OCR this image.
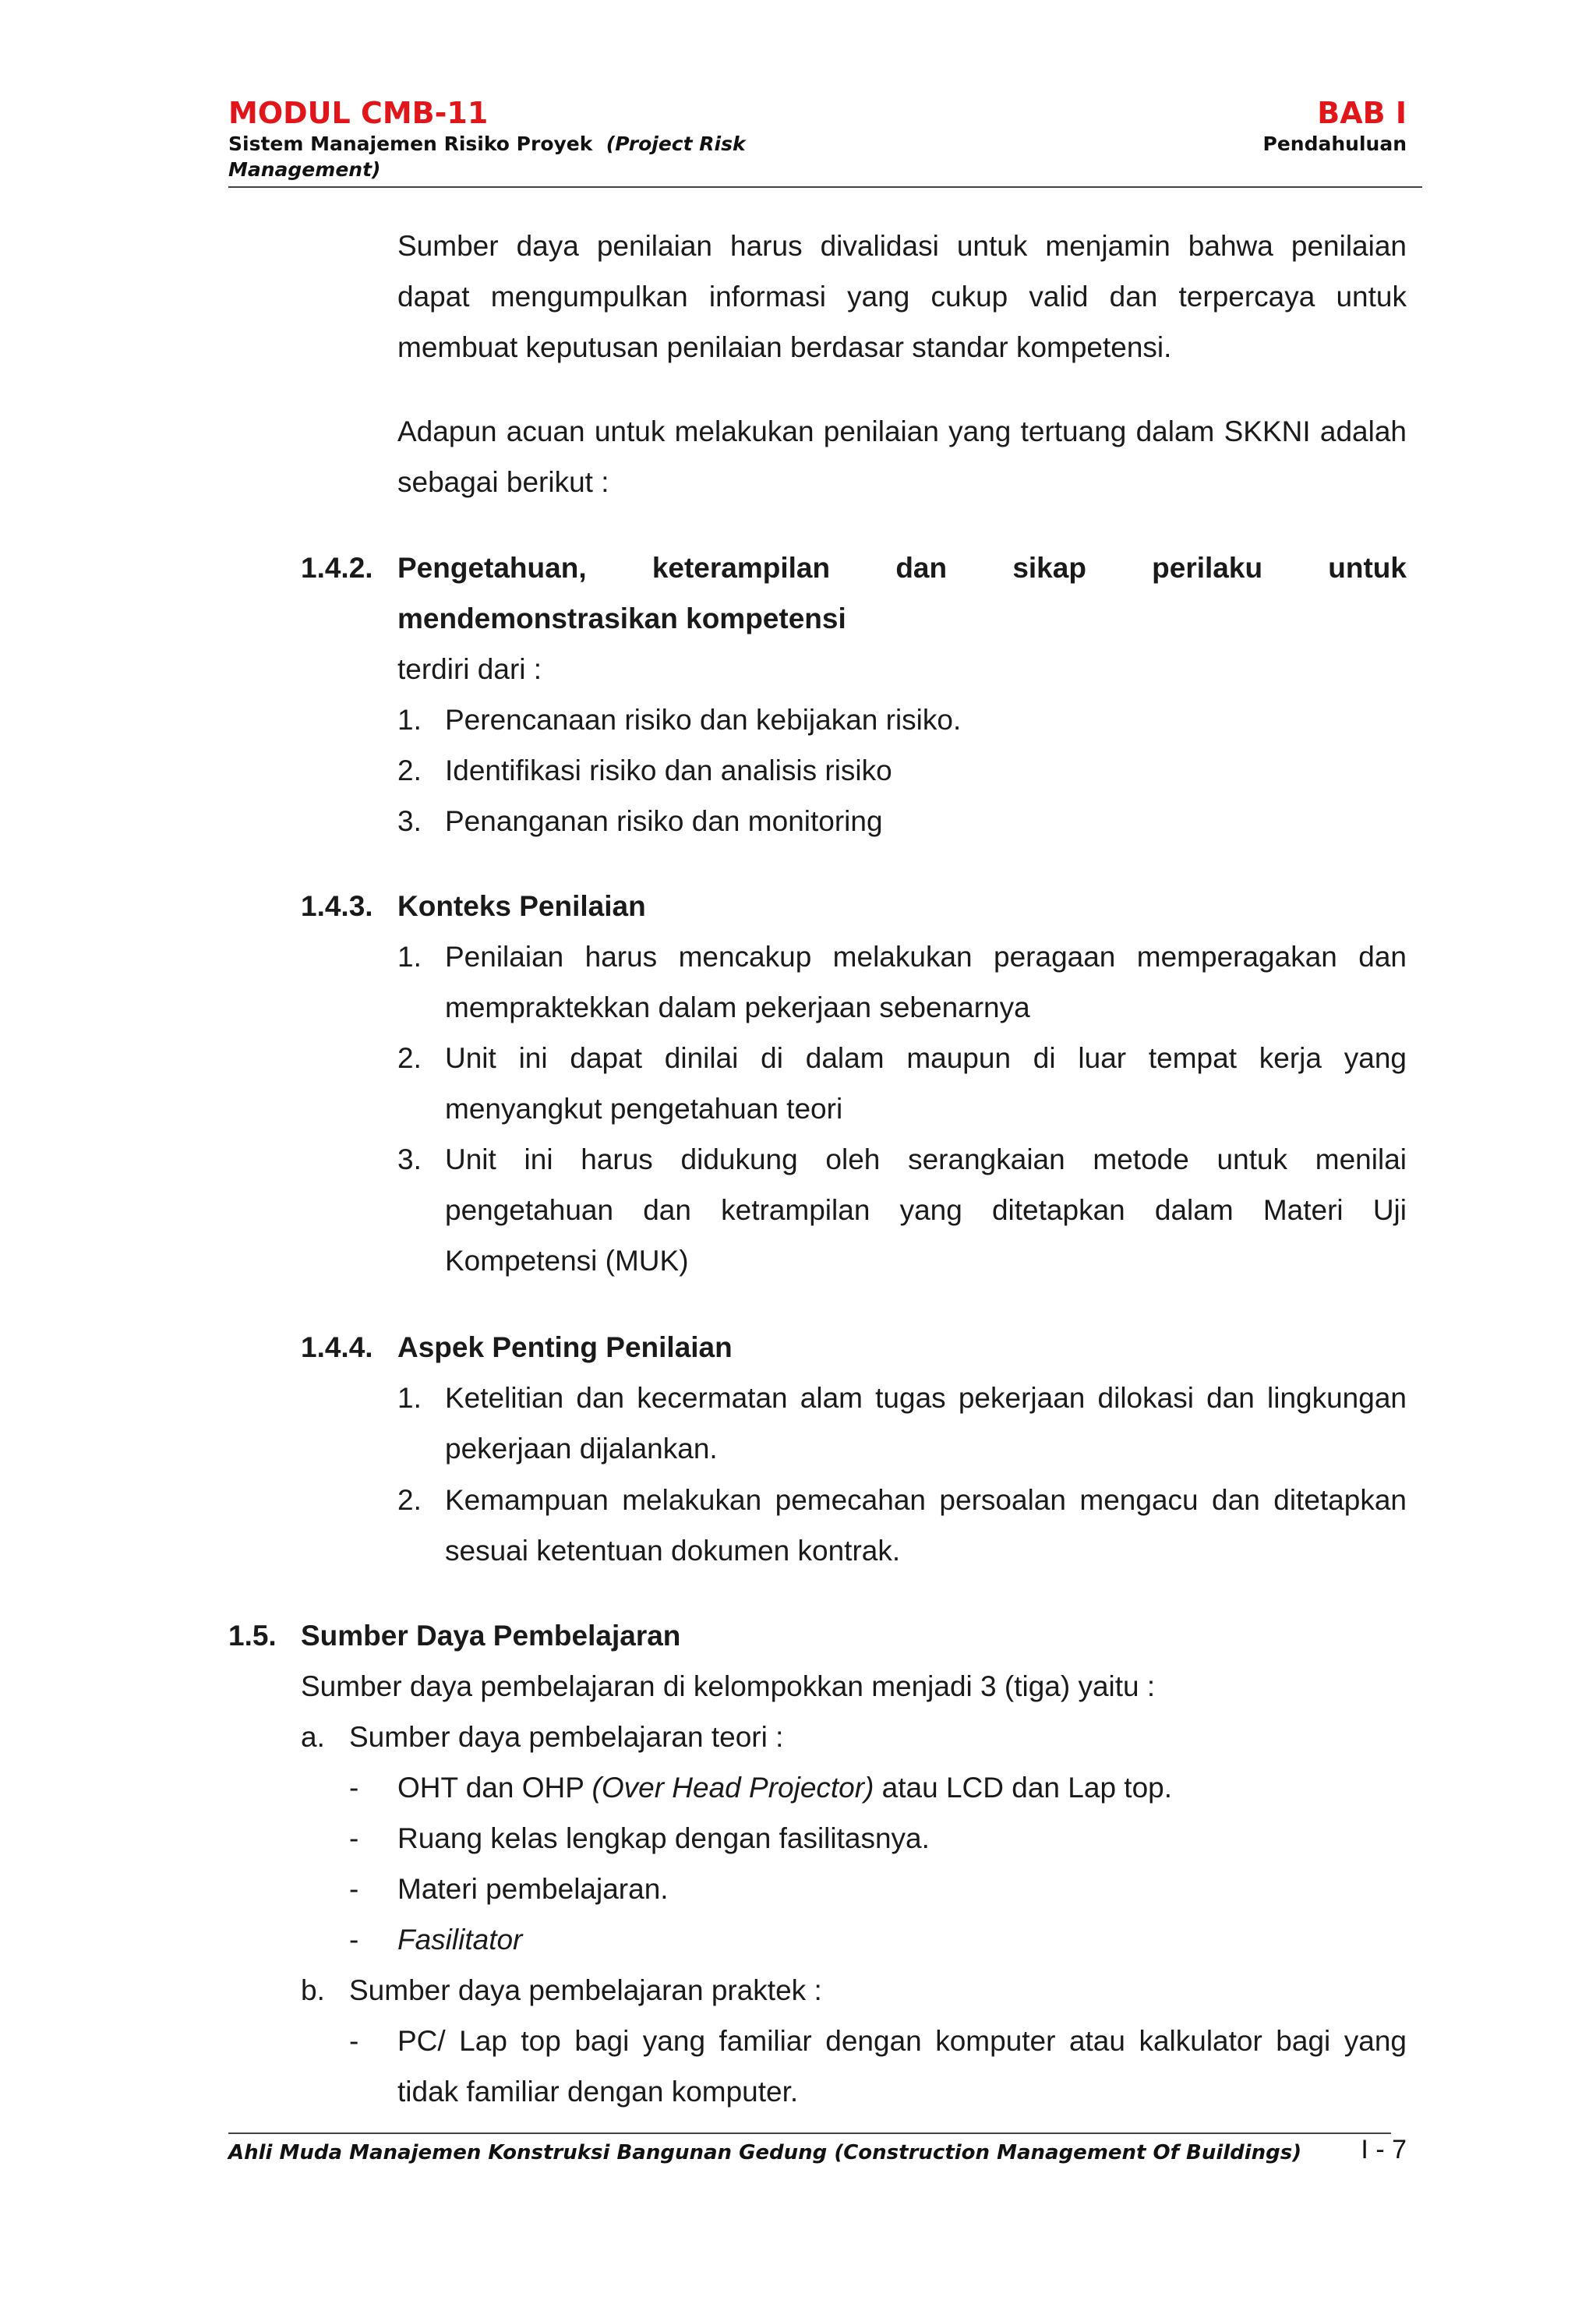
MODUL CMB-11
Sistem Manajemen Risiko Proyek (Project Risk
Management)
BAB I
Pendahuluan

Sumber daya penilaian harus divalidasi untuk menjamin bahwa penilaian dapat mengumpulkan informasi yang cukup valid dan terpercaya untuk membuat keputusan penilaian berdasar standar kompetensi.

Adapun acuan untuk melakukan penilaian yang tertuang dalam SKKNI adalah sebagai berikut :

1.4.2. Pengetahuan, keterampilan dan sikap perilaku untuk
mendemonstrasikan kompetensi
terdiri dari :
1. Perencanaan risiko dan kebijakan risiko.
2. Identifikasi risiko dan analisis risiko
3. Penanganan risiko dan monitoring
1.4.3. Konteks Penilaian
1. Penilaian harus mencakup melakukan peragaan memperagakan dan mempraktekkan dalam pekerjaan sebenarnya

2. Unit ini dapat dinilai di dalam maupun di luar tempat kerja yang menyangkut pengetahuan teori

3. Unit ini harus didukung oleh serangkaian metode untuk menilai pengetahuan dan ketrampilan yang ditetapkan dalam Materi Uji Kompetensi (MUK)

1.4.4. Aspek Penting Penilaian
1. Ketelitian dan kecermatan alam tugas pekerjaan dilokasi dan lingkungan pekerjaan dijalankan.

2. Kemampuan melakukan pemecahan persoalan mengacu dan ditetapkan sesuai ketentuan dokumen kontrak.

1.5. Sumber Daya Pembelajaran
Sumber daya pembelajaran di kelompokkan menjadi 3 (tiga) yaitu :
a. Sumber daya pembelajaran teori :
- OHT dan OHP (Over Head Projector) atau LCD dan Lap top.
- Ruang kelas lengkap dengan fasilitasnya.
- Materi pembelajaran.
- Fasilitator
b. Sumber daya pembelajaran praktek :
- PC/ Lap top bagi yang familiar dengan komputer atau kalkulator bagi yang tidak familiar dengan komputer.

Ahli Muda Manajemen Konstruksi Bangunan Gedung (Construction Management Of Buildings) I - 7
